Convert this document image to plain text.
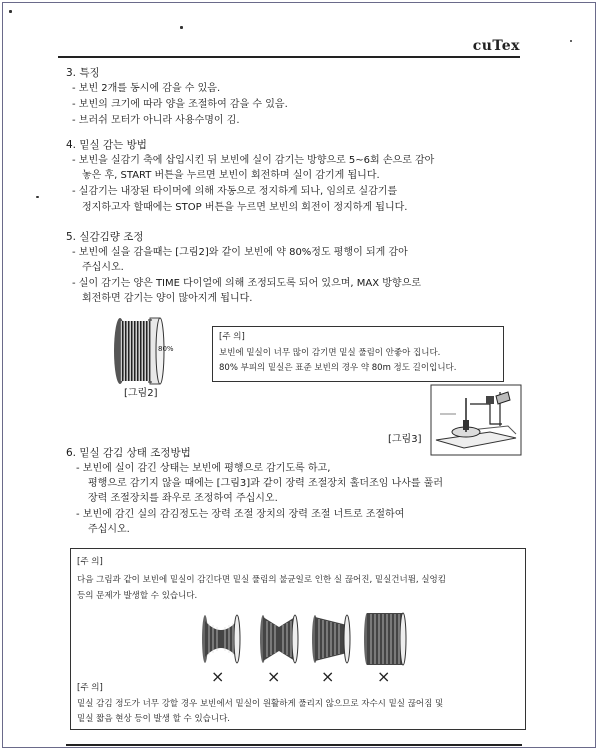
cuTex
3. 특징
- 보빈 2개를 동시에 감을 수 있음.
- 보빈의 크기에 따라 양을 조절하여 감을 수 있음.
- 브러쉬 모터가 아니라 사용수명이 김.
4. 밑실 감는 방법
- 보빈을 실감기 축에 삽입시킨 뒤 보빈에 실이 감기는 방향으로 5~6회 손으로 감아
놓은 후, START 버튼을 누르면 보빈이 회전하며 실이 감기게 됩니다.
- 실감기는 내장된 타이머에 의해 자동으로 정지하게 되나, 임의로 실감기를
정지하고자 할때에는 STOP 버튼을 누르면 보빈의 회전이 정지하게 됩니다.
5. 실감김량 조정
- 보빈에 실을 감을때는 [그림2]와 같이 보빈에 약 80%정도 평행이 되게 감아
주십시오.
- 실이 감기는 양은 TIME 다이얼에 의해 조정되도록 되어 있으며, MAX 방향으로
회전하면 감기는 양이 많아지게 됩니다.
80%
[그림2]
[주 의]
보빈에 밑실이 너무 많이 감기면 밑실 풀림이 안좋아 집니다.
80% 부피의 밑실은 표준 보빈의 경우 약 80m 정도 길이입니다.
[그림3]
6. 밑실 감김 상태 조정방법
- 보빈에 실이 감긴 상태는 보빈에 평행으로 감기도록 하고,
평행으로 감기지 않을 때에는 [그림3]과 같이 장력 조절장치 홀더조임 나사를 풀러
장력 조절장치를 좌우로 조정하여 주십시오.
- 보빈에 감긴 실의 감김정도는 장력 조절 장치의 장력 조절 너트로 조절하여
주십시오.
[주 의]
다음 그림과 같이 보빈에 밑실이 감긴다면 밑실 풀림의 불균일로 인한 실 끊어진, 밑실건너뜀, 실엉킴
등의 문제가 발생할 수 있습니다.
×	×	×	×
[주 의]
밑실 감김 정도가 너무 강할 경우 보빈에서 밑실이 원활하게 풀리지 않으므로 자수시 밑실 끊어짐 및
밑실 짧음 현상 등이 발생 할 수 있습니다.
